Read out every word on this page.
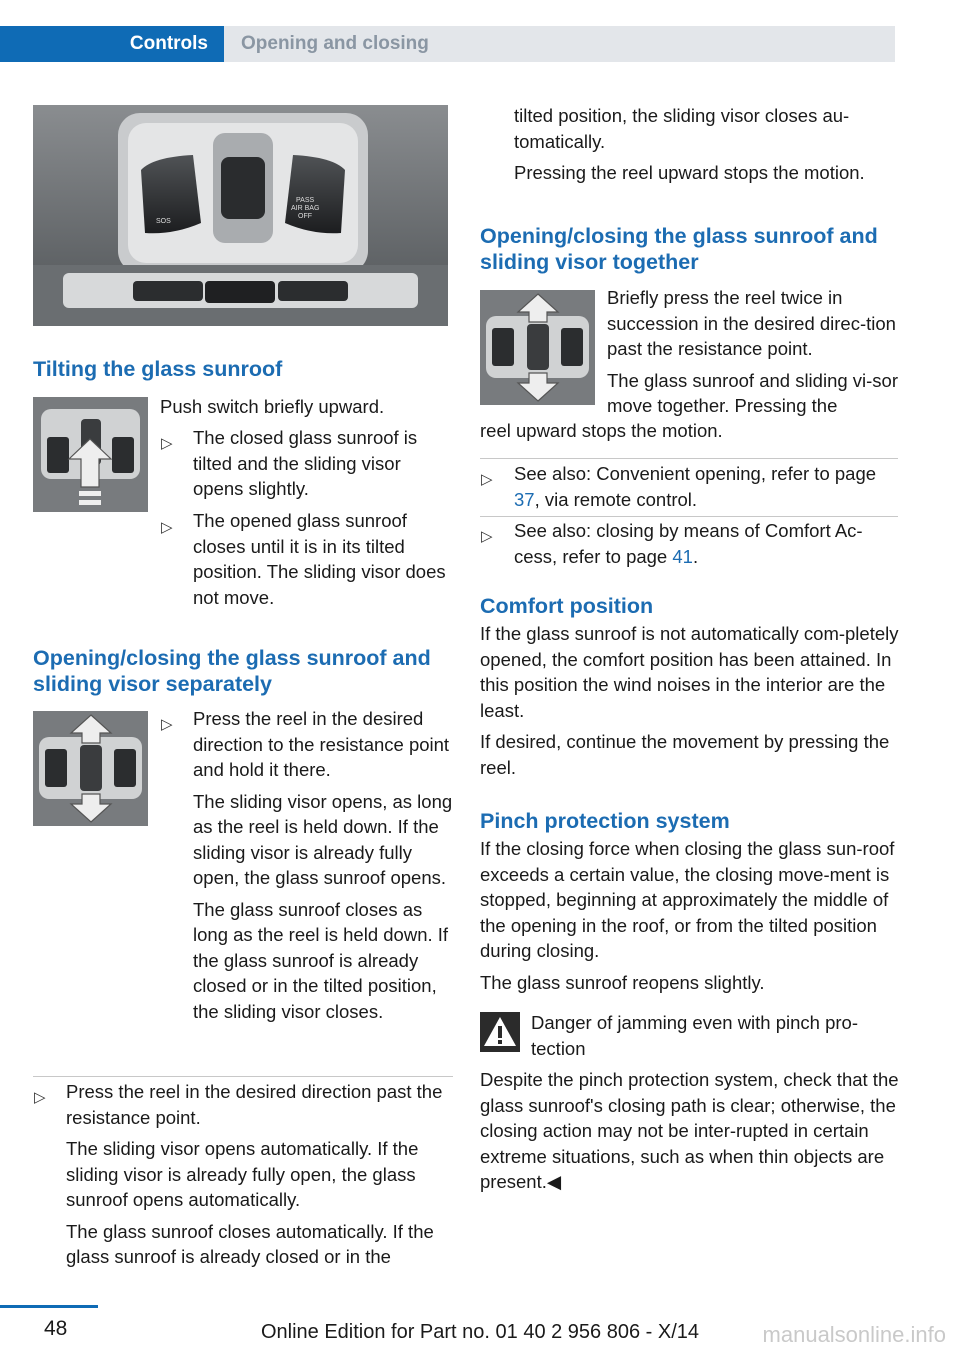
Controls	Opening and closing
SOS
PASS
AIR BAG
OFF
Tilting the glass sunroof

Push switch briefly upward.

▷ The closed glass sunroof is tilted and the sliding visor opens slightly.

▷ The opened glass sunroof closes until it is in its tilted position. The sliding visor does not move.

Opening/closing the glass sunroof and
sliding visor separately
▷ Press the reel in the desired direction to the resistance point and hold it there.

The sliding visor opens, as long as the reel is held down. If the sliding visor is already fully open, the glass sunroof opens.

The glass sunroof closes as long as the reel is held down. If the glass sunroof is already closed or in the tilted position, the sliding visor closes.

▷ Press the reel in the desired direction past the resistance point.

The sliding visor opens automatically. If the sliding visor is already fully open, the glass sunroof opens automatically.

The glass sunroof closes automatically. If the glass sunroof is already closed or in the

tilted position, the sliding visor closes au-

tomatically.

Pressing the reel upward stops the motion.

Opening/closing the glass sunroof and
sliding visor together

Briefly press the reel twice in succession in the desired direc-tion past the resistance point.

The glass sunroof and sliding vi-sor move together. Pressing the

reel upward stops the motion.

▷ See also: Convenient opening, refer to page 37, via remote control.

▷ See also: closing by means of Comfort Ac-cess, refer to page 41.

Comfort position

If the glass sunroof is not automatically com-pletely opened, the comfort position has been attained. In this position the wind noises in the interior are the least.

If desired, continue the movement by pressing the reel.

Pinch protection system

If the closing force when closing the glass sun-roof exceeds a certain value, the closing move-ment is stopped, beginning at approximately the middle of the opening in the roof, or from the tilted position during closing.

The glass sunroof reopens slightly.

Danger of jamming even with pinch pro-tection

Despite the pinch protection system, check that the glass sunroof's closing path is clear; otherwise, the closing action may not be inter-rupted in certain extreme situations, such as when thin objects are present.◀

48	Online Edition for Part no. 01 40 2 956 806 - X/14	manualsonline.info
